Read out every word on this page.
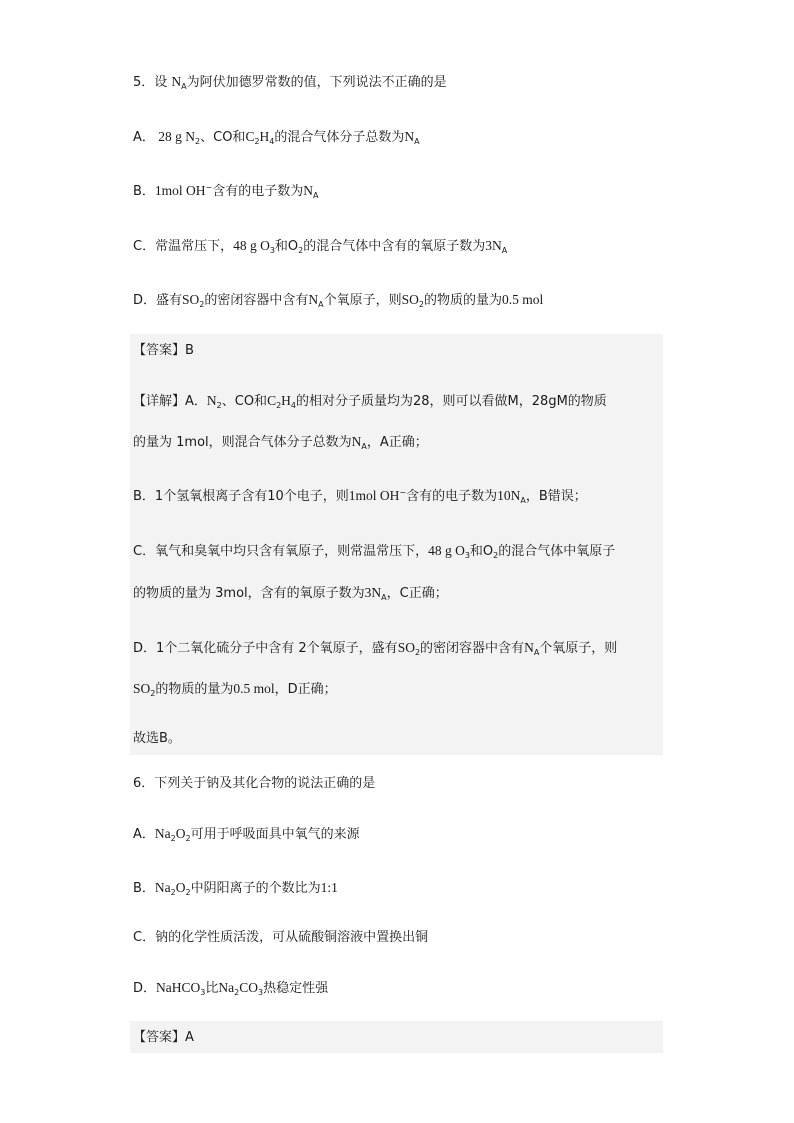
5．设 $N_A$为阿伏加德罗常数的值，下列说法不正确的是
A． 28 g $N_2$、CO和$C_2H_4$的混合气体分子总数为$N_A$
B．1mol OH−含有的电子数为$N_A$
C．常温常压下，48 g $O_3$和$O_2$的混合气体中含有的氧原子数为$3N_A$
D．盛有$SO_2$的密闭容器中含有$N_A$个氧原子，则$SO_2$的物质的量为0.5 mol
【答案】B
【详解】A．$N_2$、CO和$C_2H_4$的相对分子质量均为28，则可以看做M，28gM的物质
的量为 1mol，则混合气体分子总数为$N_A$，A正确；
B．1个氢氧根离子含有10个电子，则1mol OH−含有的电子数为$10N_A$，B错误；
C．氧气和臭氧中均只含有氧原子，则常温常压下，48 g $O_3$和$O_2$的混合气体中氧原子
的物质的量为 3mol，含有的氧原子数为$3N_A$，C正确；
D．1个二氧化硫分子中含有 2个氧原子，盛有$SO_2$的密闭容器中含有$N_A$个氧原子，则
$SO_2$的物质的量为0.5 mol，D正确；
故选B。
6．下列关于钠及其化合物的说法正确的是
A．$Na_2O_2$可用于呼吸面具中氧气的来源
B．$Na_2O_2$中阴阳离子的个数比为1:1
C．钠的化学性质活泼，可从硫酸铜溶液中置换出铜
D．NaHCO$_3$比$Na_2CO_3$热稳定性强
【答案】A
